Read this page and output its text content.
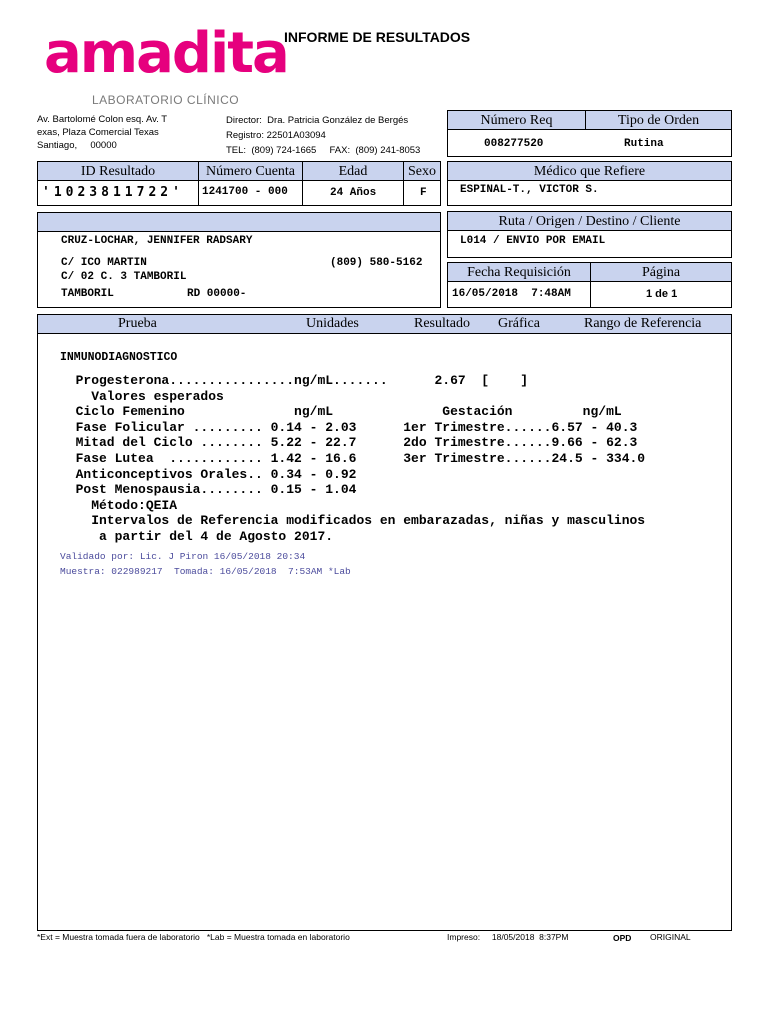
amadita
LABORATORIO CLÍNICO
INFORME DE RESULTADOS
Av. Bartolomé Colon esq. Av. T
exas, Plaza Comercial Texas
Santiago,     00000
Director:  Dra. Patricia González de Bergés
Registro: 22501A03094
TEL:  (809) 724-1665     FAX:  (809) 241-8053
Número Req	Tipo de Orden
008277520	Rutina
ID Resultado	Número Cuenta	Edad	Sexo
'1023811722' 1241700 - 000	24 Años	F
Médico que Refiere
ESPINAL-T., VICTOR S.
CRUZ-LOCHAR, JENNIFER RADSARY
C/ ICO MARTIN	(809) 580-5162
C/ 02 C. 3 TAMBORIL
TAMBORIL	RD 00000-
Ruta / Origen / Destino / Cliente
L014 / ENVIO POR EMAIL
Fecha Requisición	Página
16/05/2018  7:48AM	1 de 1
Prueba	Unidades	Resultado Gráfica	Rango de Referencia
INMUNODIAGNOSTICO
Progesterona................ng/mL.......      2.67  [    ]
Valores esperados
Ciclo Femenino              ng/mL              Gestación         ng/mL
Fase Folicular ......... 0.14 - 2.03      1er Trimestre......6.57 - 40.3
Mitad del Ciclo ........ 5.22 - 22.7      2do Trimestre......9.66 - 62.3
Fase Lutea  ............ 1.42 - 16.6      3er Trimestre......24.5 - 334.0
Anticonceptivos Orales.. 0.34 - 0.92
Post Menospausia........ 0.15 - 1.04
Método:QEIA
Intervalos de Referencia modificados en embarazadas, niñas y masculinos
a partir del 4 de Agosto 2017.
Validado por: Lic. J Piron 16/05/2018 20:34
Muestra: 022989217  Tomada: 16/05/2018  7:53AM *Lab
*Ext = Muestra tomada fuera de laboratorio   *Lab = Muestra tomada en laboratorio	Impreso:     18/05/2018  8:37PM	OPD ORIGINAL
